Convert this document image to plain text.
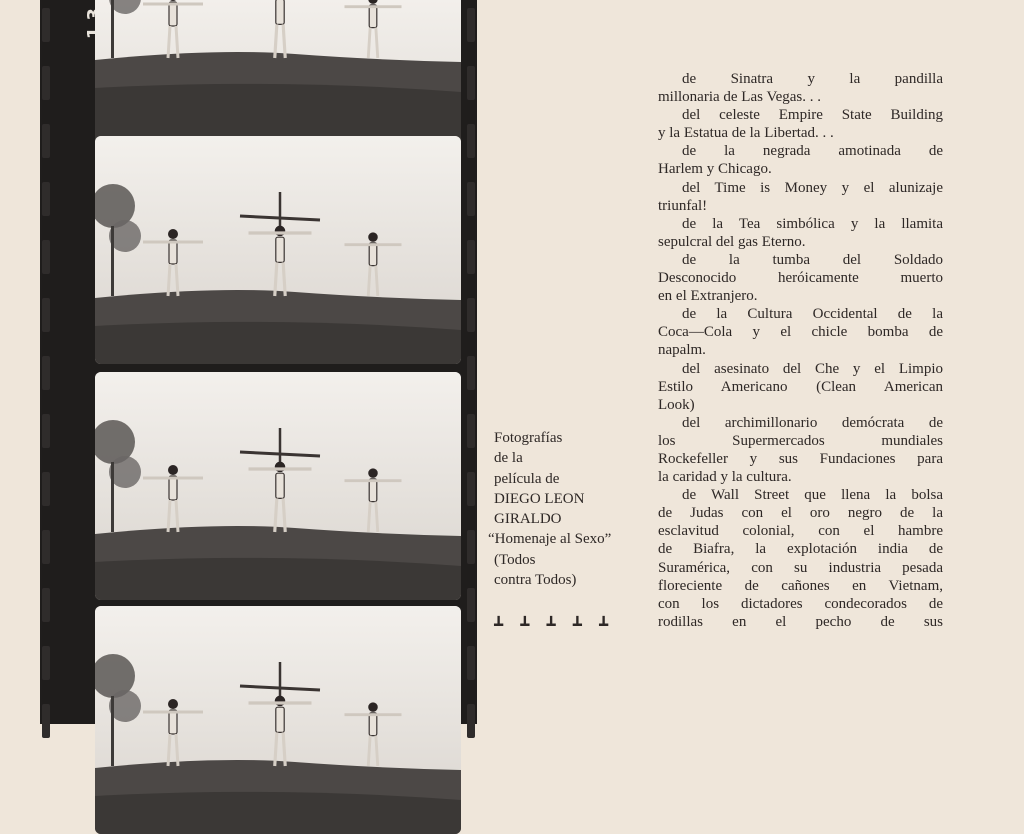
Fotografías
de la
película de
DIEGO LEON
GIRALDO
“Homenaje al Sexo”
(Todos
contra Todos)
┻ ┻ ┻ ┻ ┻
de Sinatra y la pandilla
millonaria de Las Vegas. . .
del celeste Empire State Building
y la Estatua de la Libertad. . .
de la negrada amotinada de
Harlem y Chicago.
del Time is Money y el alunizaje
triunfal!
de la Tea simbólica y la llamita
sepulcral del gas Eterno.
de la tumba del Soldado
Desconocido heróicamente muerto
en el Extranjero.
de la Cultura Occidental de la
Coca—Cola y el chicle bomba de
napalm.
del asesinato del Che y el Limpio
Estilo Americano (Clean American
Look)
del archimillonario demócrata de
los Supermercados mundiales
Rockefeller y sus Fundaciones para
la caridad y la cultura.
de Wall Street que llena la bolsa
de Judas con el oro negro de la
esclavitud colonial, con el hambre
de Biafra, la explotación india de
Suramérica, con su industria pesada
floreciente de cañones en Vietnam,
con los dictadores condecorados de
rodillas en el pecho de sus
